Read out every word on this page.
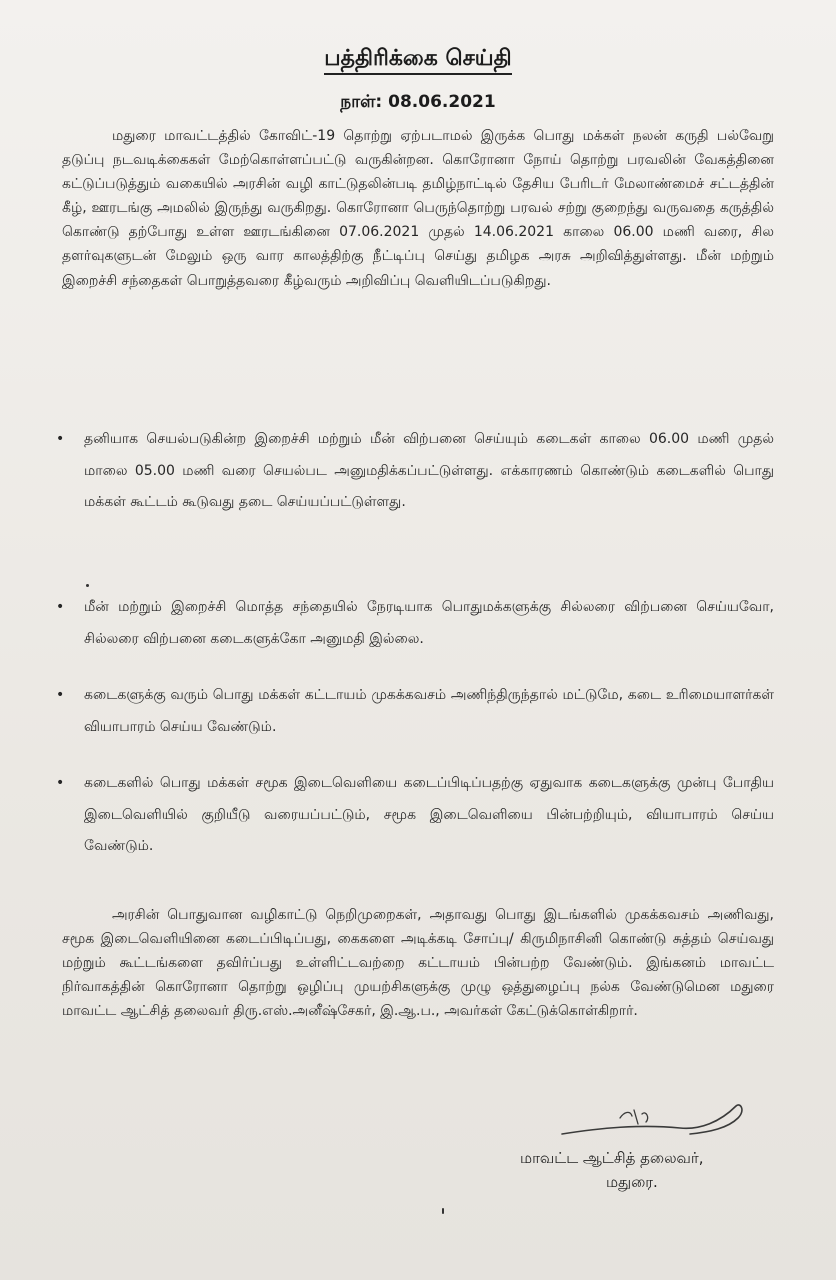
பத்திரிக்கை செய்தி
நாள்: 08.06.2021
மதுரை மாவட்டத்தில் கோவிட்-19 தொற்று ஏற்படாமல் இருக்க பொது மக்கள் நலன் கருதி பல்வேறு தடுப்பு நடவடிக்கைகள் மேற்கொள்ளப்பட்டு வருகின்றன. கொரோனா நோய் தொற்று பரவலின் வேகத்தினை கட்டுப்படுத்தும் வகையில் அரசின் வழி காட்டுதலின்படி தமிழ்நாட்டில் தேசிய பேரிடர் மேலாண்மைச் சட்டத்தின் கீழ், ஊரடங்கு அமலில் இருந்து வருகிறது. கொரோனா பெருந்தொற்று பரவல் சற்று குறைந்து வருவதை கருத்தில் கொண்டு தற்போது உள்ள ஊரடங்கினை 07.06.2021 முதல் 14.06.2021 காலை 06.00 மணி வரை, சில தளர்வுகளுடன் மேலும் ஒரு வார காலத்திற்கு நீட்டிப்பு செய்து தமிழக அரசு அறிவித்துள்ளது. மீன் மற்றும் இறைச்சி சந்தைகள் பொறுத்தவரை கீழ்வரும் அறிவிப்பு வெளியிடப்படுகிறது.
•	தனியாக செயல்படுகின்ற இறைச்சி மற்றும் மீன் விற்பனை செய்யும் கடைகள் காலை 06.00 மணி முதல் மாலை 05.00 மணி வரை செயல்பட அனுமதிக்கப்பட்டுள்ளது. எக்காரணம் கொண்டும் கடைகளில் பொது மக்கள் கூட்டம் கூடுவது தடை செய்யப்பட்டுள்ளது.
•	மீன் மற்றும் இறைச்சி மொத்த சந்தையில் நேரடியாக பொதுமக்களுக்கு சில்லரை விற்பனை செய்யவோ, சில்லரை விற்பனை கடைகளுக்கோ அனுமதி இல்லை.
•	கடைகளுக்கு வரும் பொது மக்கள் கட்டாயம் முகக்கவசம் அணிந்திருந்தால் மட்டுமே, கடை உரிமையாளர்கள் வியாபாரம் செய்ய வேண்டும்.
•	கடைகளில் பொது மக்கள் சமூக இடைவெளியை கடைப்பிடிப்பதற்கு ஏதுவாக கடைகளுக்கு முன்பு போதிய இடைவெளியில் குறியீடு வரையப்பட்டும், சமூக இடைவெளியை பின்பற்றியும், வியாபாரம் செய்ய வேண்டும்.
அரசின் பொதுவான வழிகாட்டு நெறிமுறைகள், அதாவது பொது இடங்களில் முகக்கவசம் அணிவது, சமூக இடைவெளியினை கடைப்பிடிப்பது, கைகளை அடிக்கடி சோப்பு/ கிருமிநாசினி கொண்டு சுத்தம் செய்வது மற்றும் கூட்டங்களை தவிர்ப்பது உள்ளிட்டவற்றை கட்டாயம் பின்பற்ற வேண்டும். இங்கனம் மாவட்ட நிர்வாகத்தின் கொரோனா தொற்று ஒழிப்பு முயற்சிகளுக்கு முழு ஒத்துழைப்பு நல்க வேண்டுமென மதுரை மாவட்ட ஆட்சித் தலைவர் திரு.எஸ்.அனீஷ்சேகர், இ.ஆ.ப., அவர்கள் கேட்டுக்கொள்கிறார்.
மாவட்ட ஆட்சித் தலைவர்,
மதுரை.
